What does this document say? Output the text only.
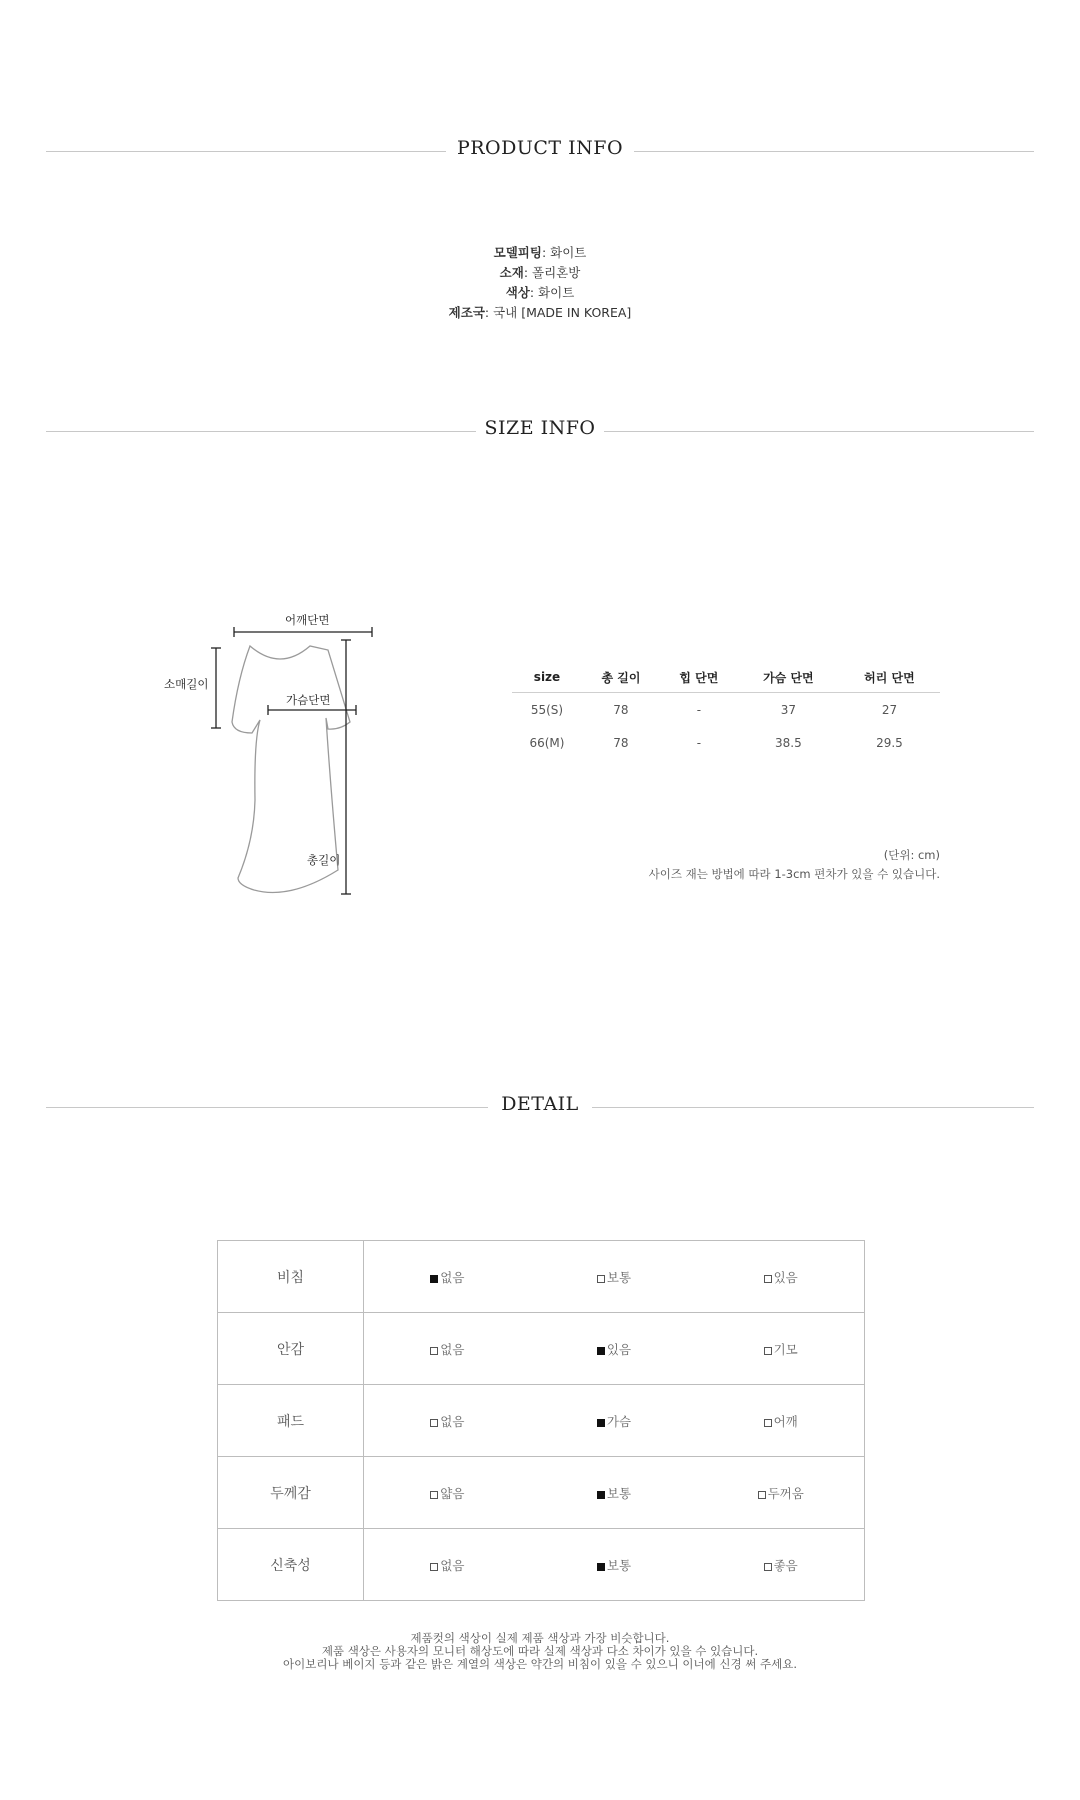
PRODUCT INFO
모델피팅: 화이트
소재: 폴리혼방
색상: 화이트
제조국: 국내 [MADE IN KOREA]
SIZE INFO
어깨단면
소매길이
가슴단면
총길이
size	총 길이	힙 단면	가슴 단면	허리 단면
55(S)	78	-	37	27
66(M)	78	-	38.5	29.5
(단위: cm)
사이즈 재는 방법에 따라 1-3cm 편차가 있을 수 있습니다.
DETAIL
비침	없음 보통 있음

안감	없음 있음 기모

패드	없음 가슴 어깨

두께감	얇음 보통 두꺼움

신축성	없음 보통 좋음
제품컷의 색상이 실제 제품 색상과 가장 비슷합니다.
제품 색상은 사용자의 모니터 해상도에 따라 실제 색상과 다소 차이가 있을 수 있습니다.
아이보리나 베이지 등과 같은 밝은 계열의 색상은 약간의 비침이 있을 수 있으니 이너에 신경 써 주세요.
